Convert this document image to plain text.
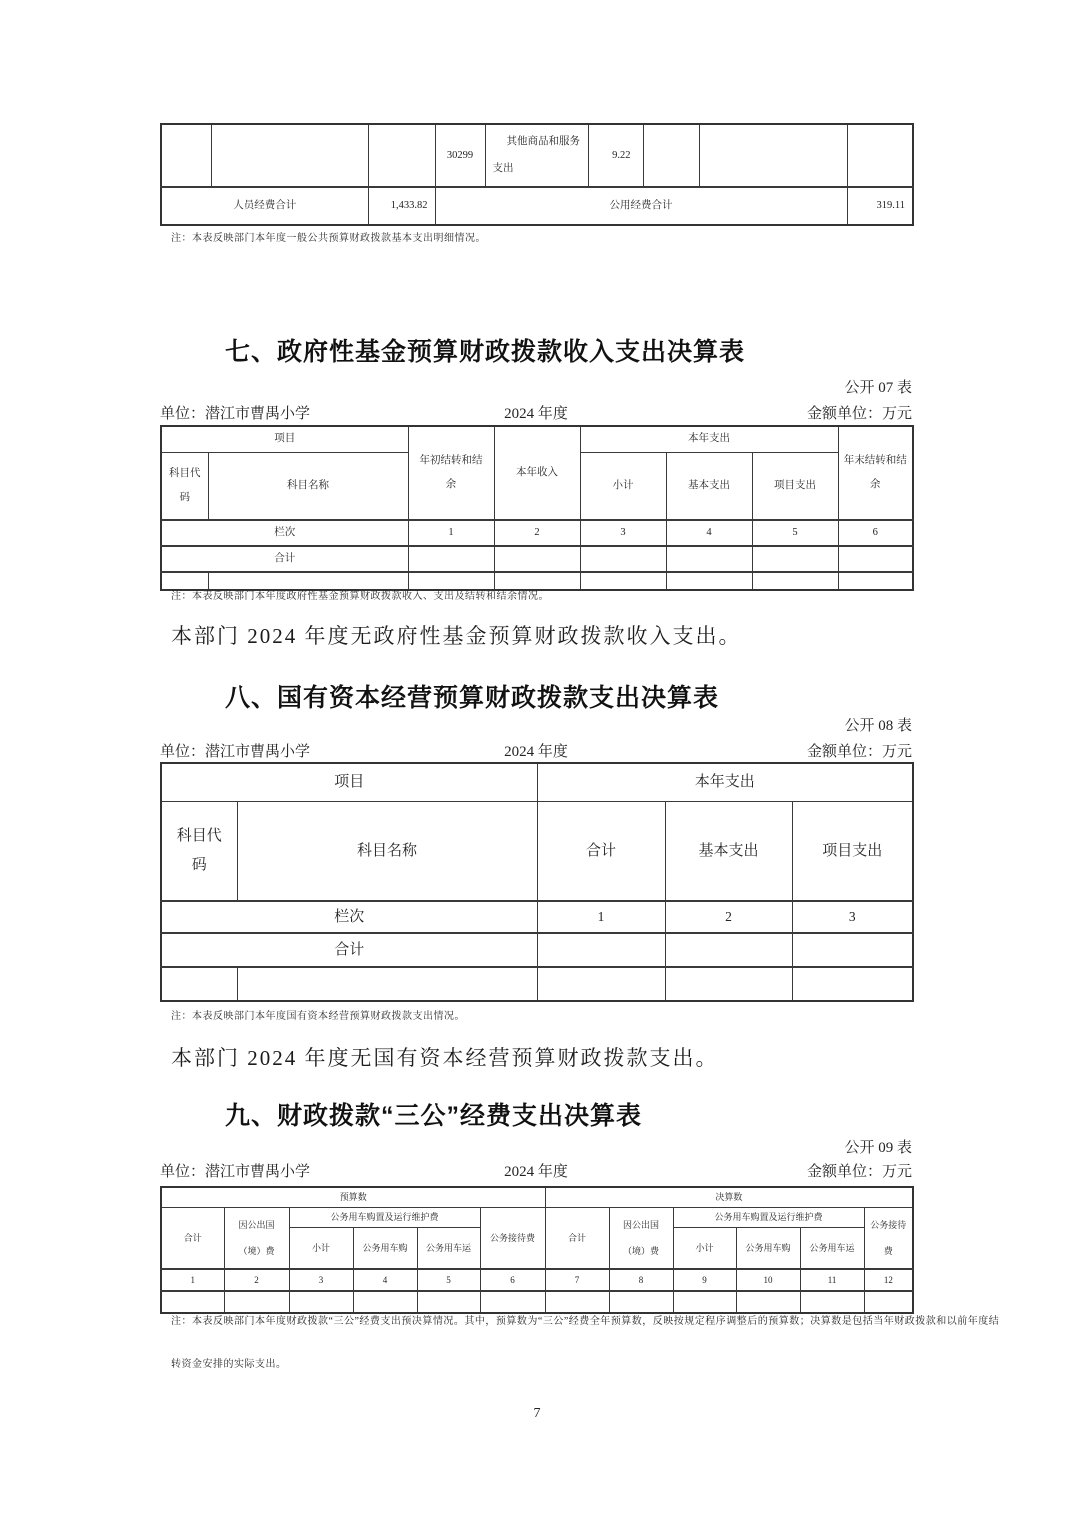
			30299	其他商品和服务支出	9.22			
人员经费合计		1,433.82	公用经费合计					319.11
注：本表反映部门本年度一般公共预算财政拨款基本支出明细情况。
七、政府性基金预算财政拨款收入支出决算表
公开 07 表
单位：潜江市曹禺小学	2024 年度	金额单位：万元
项目		年初结转和结余	本年收入	本年支出			年末结转和结余
科目代码	科目名称			小计	基本支出	项目支出	
栏次		1	2	3	4	5	6
合计							

注：本表反映部门本年度政府性基金预算财政拨款收入、支出及结转和结余情况。
本部门 2024 年度无政府性基金预算财政拨款收入支出。
八、国有资本经营预算财政拨款支出决算表
公开 08 表
单位：潜江市曹禺小学	2024 年度	金额单位：万元
项目		本年支出		
科目代码	科目名称	合计	基本支出	项目支出
栏次		1	2	3
合计				

注：本表反映部门本年度国有资本经营预算财政拨款支出情况。
本部门 2024 年度无国有资本经营预算财政拨款支出。
九、财政拨款“三公”经费支出决算表
公开 09 表
单位：潜江市曹禺小学	2024 年度	金额单位：万元
预算数						决算数					
合计	因公出国（境）费	公务用车购置及运行维护费			公务接待费	合计	因公出国（境）费	公务用车购置及运行维护费			公务接待费
		小计	公务用车购	公务用车运				小计	公务用车购	公务用车运	
1	2	3	4	5	6	7	8	9	10	11	12

注：本表反映部门本年度财政拨款“三公”经费支出预决算情况。其中，预算数为“三公”经费全年预算数，反映按规定程序调整后的预算数；决算数是包括当年财政拨款和以前年度结
转资金安排的实际支出。
7
